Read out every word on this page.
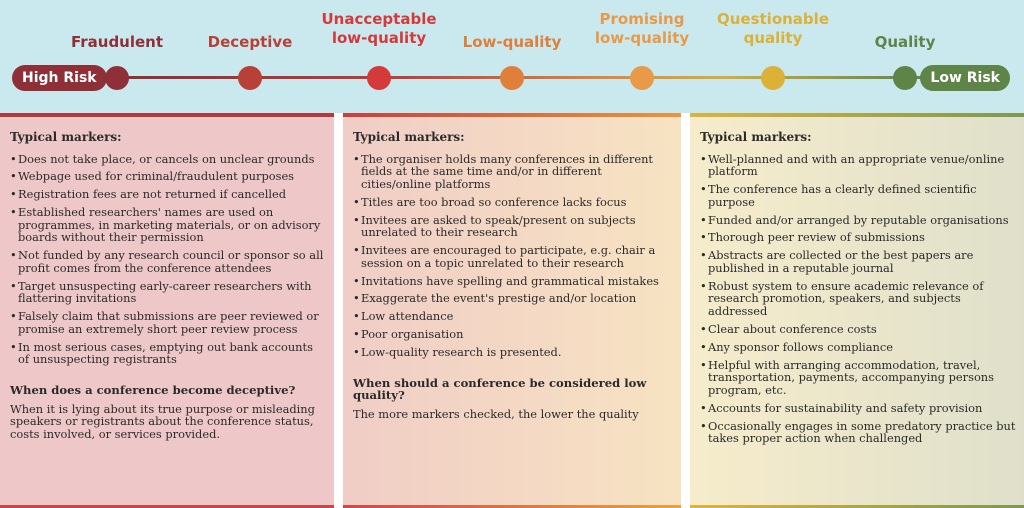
High Risk	Low Risk
Fraudulent	Deceptive
Unacceptable low-quality	Low-quality
Promising low-quality
Questionable quality	Quality
Typical markers:
• Does not take place, or cancels on unclear grounds
• Webpage used for criminal/fraudulent purposes
• Registration fees are not returned if cancelled
• Established researchers' names are used on programmes, in marketing materials, or on advisory boards without their permission
• Not funded by any research council or sponsor so all profit comes from the conference attendees
• Target unsuspecting early-career researchers with flattering invitations
• Falsely claim that submissions are peer reviewed or promise an extremely short peer review process
• In most serious cases, emptying out bank accounts of unsuspecting registrants
When does a conference become deceptive?
When it is lying about its true purpose or misleading speakers or registrants about the conference status, costs involved, or services provided.
Typical markers:
• The organiser holds many conferences in different fields at the same time and/or in different cities/online platforms
• Titles are too broad so conference lacks focus
• Invitees are asked to speak/present on subjects unrelated to their research
• Invitees are encouraged to participate, e.g. chair a session on a topic unrelated to their research
• Invitations have spelling and grammatical mistakes
• Exaggerate the event's prestige and/or location
• Low attendance
• Poor organisation
• Low-quality research is presented.
When should a conference be considered low quality?
The more markers checked, the lower the quality
Typical markers:
• Well-planned and with an appropriate venue/online platform
• The conference has a clearly defined scientific purpose
• Funded and/or arranged by reputable organisations
• Thorough peer review of submissions
• Abstracts are collected or the best papers are published in a reputable journal
• Robust system to ensure academic relevance of research promotion, speakers, and subjects addressed
• Clear about conference costs
• Any sponsor follows compliance
• Helpful with arranging accommodation, travel, transportation, payments, accompanying persons program, etc.
• Accounts for sustainability and safety provision
• Occasionally engages in some predatory practice but takes proper action when challenged
